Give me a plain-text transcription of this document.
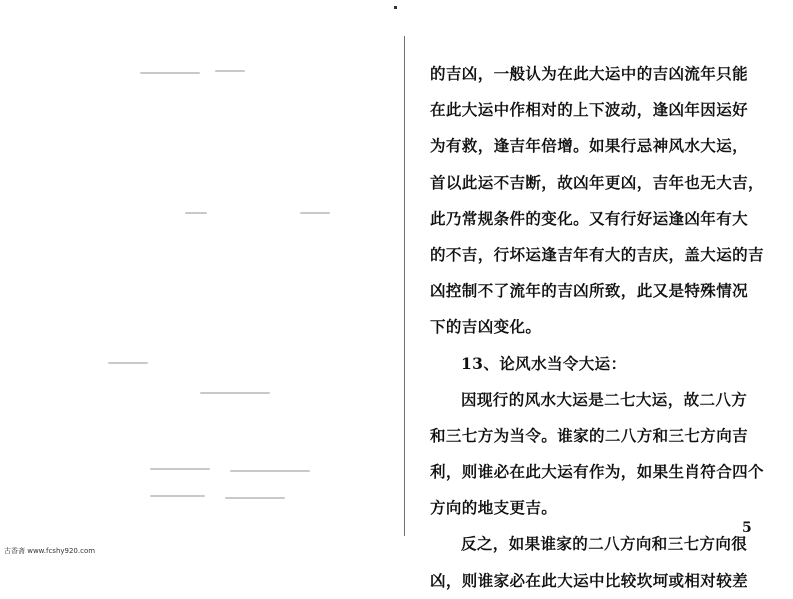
的吉凶，一般认为在此大运中的吉凶流年只能
在此大运中作相对的上下波动，逢凶年因运好
为有救，逢吉年倍增。如果行忌神风水大运，
首以此运不吉断，故凶年更凶，吉年也无大吉，
此乃常规条件的变化。又有行好运逢凶年有大
的不吉，行坏运逢吉年有大的吉庆，盖大运的吉
凶控制不了流年的吉凶所致，此又是特殊情况
下的吉凶变化。
13、论风水当令大运：
因现行的风水大运是二七大运，故二八方
和三七方为当令。谁家的二八方和三七方向吉
利，则谁必在此大运有作为，如果生肖符合四个
方向的地支更吉。
反之，如果谁家的二八方向和三七方向很
凶，则谁家必在此大运中比较坎坷或相对较差
5
古香斋 www.fcshy920.com
